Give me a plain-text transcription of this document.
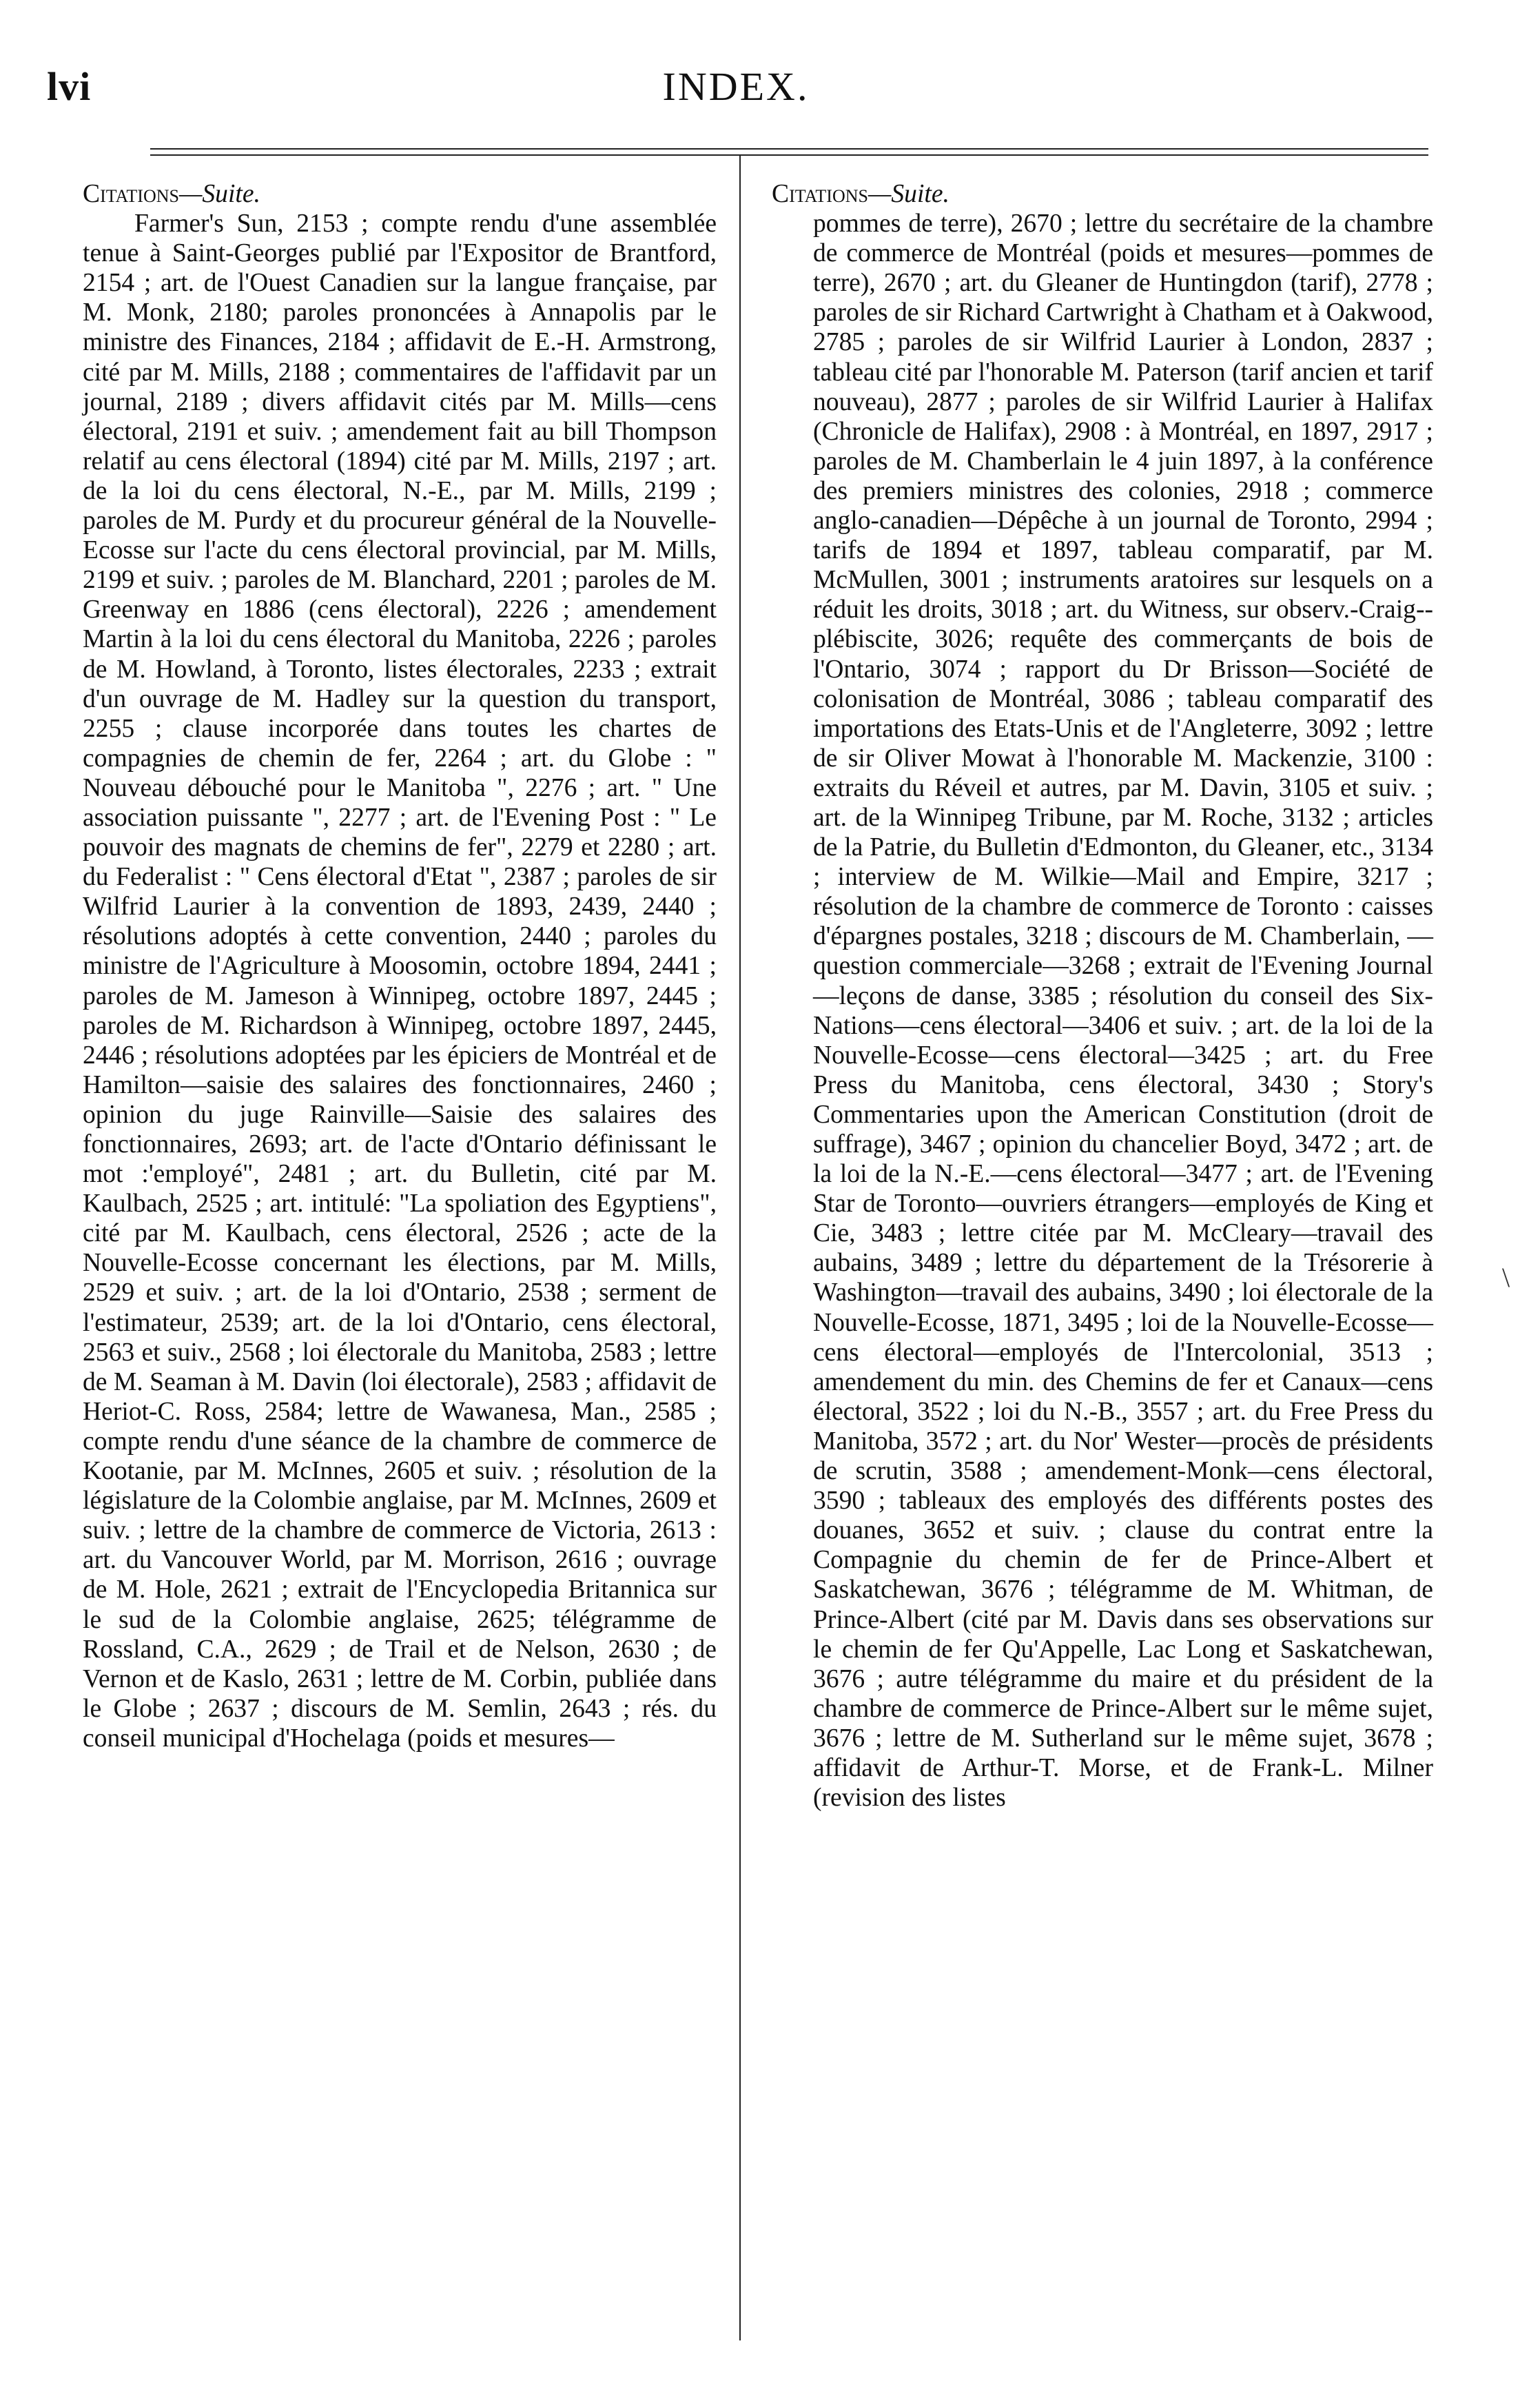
lvi	INDEX.
Citations—Suite.
Farmer's Sun, 2153 ; compte rendu d'une assemblée tenue à Saint-Georges publié par l'Expositor de Brantford, 2154 ; art. de l'Ouest Canadien sur la langue française, par M. Monk, 2180; paroles prononcées à Annapolis par le ministre des Finances, 2184 ; affidavit de E.-H. Armstrong, cité par M. Mills, 2188 ; commentaires de l'affidavit par un journal, 2189 ; divers affidavit cités par M. Mills—cens électoral, 2191 et suiv. ; amendement fait au bill Thompson relatif au cens électoral (1894) cité par M. Mills, 2197 ; art. de la loi du cens électoral, N.-E., par M. Mills, 2199 ; paroles de M. Purdy et du procureur général de la Nouvelle-Ecosse sur l'acte du cens électoral provincial, par M. Mills, 2199 et suiv. ; paroles de M. Blanchard, 2201 ; paroles de M. Greenway en 1886 (cens électoral), 2226 ; amendement Martin à la loi du cens électoral du Manitoba, 2226 ; paroles de M. Howland, à Toronto, listes électorales, 2233 ; extrait d'un ouvrage de M. Hadley sur la question du transport, 2255 ; clause incorporée dans toutes les chartes de compagnies de chemin de fer, 2264 ; art. du Globe : " Nouveau débouché pour le Manitoba ", 2276 ; art. " Une association puissante ", 2277 ; art. de l'Evening Post : " Le pouvoir des magnats de chemins de fer", 2279 et 2280 ; art. du Federalist : " Cens électoral d'Etat ", 2387 ; paroles de sir Wilfrid Laurier à la convention de 1893, 2439, 2440 ; résolutions adoptés à cette convention, 2440 ; paroles du ministre de l'Agriculture à Moosomin, octobre 1894, 2441 ; paroles de M. Jameson à Winnipeg, octobre 1897, 2445 ; paroles de M. Richardson à Winnipeg, octobre 1897, 2445, 2446 ; résolutions adoptées par les épiciers de Montréal et de Hamilton—saisie des salaires des fonctionnaires, 2460 ; opinion du juge Rainville—Saisie des salaires des fonctionnaires, 2693; art. de l'acte d'Ontario définissant le mot :'employé", 2481 ; art. du Bulletin, cité par M. Kaulbach, 2525 ; art. intitulé: "La spoliation des Egyptiens", cité par M. Kaulbach, cens électoral, 2526 ; acte de la Nouvelle-Ecosse concernant les élections, par M. Mills, 2529 et suiv. ; art. de la loi d'Ontario, 2538 ; serment de l'estimateur, 2539; art. de la loi d'Ontario, cens électoral, 2563 et suiv., 2568 ; loi électorale du Manitoba, 2583 ; lettre de M. Seaman à M. Davin (loi électorale), 2583 ; affidavit de Heriot-C. Ross, 2584; lettre de Wawanesa, Man., 2585 ; compte rendu d'une séance de la chambre de commerce de Kootanie, par M. McInnes, 2605 et suiv. ; résolution de la législature de la Colombie anglaise, par M. McInnes, 2609 et suiv. ; lettre de la chambre de commerce de Victoria, 2613 : art. du Vancouver World, par M. Morrison, 2616 ; ouvrage de M. Hole, 2621 ; extrait de l'Encyclopedia Britannica sur le sud de la Colombie anglaise, 2625; télégramme de Rossland, C.A., 2629 ; de Trail et de Nelson, 2630 ; de Vernon et de Kaslo, 2631 ; lettre de M. Corbin, publiée dans le Globe ; 2637 ; discours de M. Semlin, 2643 ; rés. du conseil municipal d'Hochelaga (poids et mesures—
Citations—Suite.
pommes de terre), 2670 ; lettre du secrétaire de la chambre de commerce de Montréal (poids et mesures—pommes de terre), 2670 ; art. du Gleaner de Huntingdon (tarif), 2778 ; paroles de sir Richard Cartwright à Chatham et à Oakwood, 2785 ; paroles de sir Wilfrid Laurier à London, 2837 ; tableau cité par l'honorable M. Paterson (tarif ancien et tarif nouveau), 2877 ; paroles de sir Wilfrid Laurier à Halifax (Chronicle de Halifax), 2908 : à Montréal, en 1897, 2917 ; paroles de M. Chamberlain le 4 juin 1897, à la conférence des premiers ministres des colonies, 2918 ; commerce anglo-canadien—Dépêche à un journal de Toronto, 2994 ; tarifs de 1894 et 1897, tableau comparatif, par M. McMullen, 3001 ; instruments aratoires sur lesquels on a réduit les droits, 3018 ; art. du Witness, sur observ.-Craig--plébiscite, 3026; requête des commerçants de bois de l'Ontario, 3074 ; rapport du Dr Brisson—Société de colonisation de Montréal, 3086 ; tableau comparatif des importations des Etats-Unis et de l'Angleterre, 3092 ; lettre de sir Oliver Mowat à l'honorable M. Mackenzie, 3100 : extraits du Réveil et autres, par M. Davin, 3105 et suiv. ; art. de la Winnipeg Tribune, par M. Roche, 3132 ; articles de la Patrie, du Bulletin d'Edmonton, du Gleaner, etc., 3134 ; interview de M. Wilkie—Mail and Empire, 3217 ; résolution de la chambre de commerce de Toronto : caisses d'épargnes postales, 3218 ; discours de M. Chamberlain, —question commerciale—3268 ; extrait de l'Evening Journal—leçons de danse, 3385 ; résolution du conseil des Six-Nations—cens électoral—3406 et suiv. ; art. de la loi de la Nouvelle-Ecosse—cens électoral—3425 ; art. du Free Press du Manitoba, cens électoral, 3430 ; Story's Commentaries upon the American Constitution (droit de suffrage), 3467 ; opinion du chancelier Boyd, 3472 ; art. de la loi de la N.-E.—cens électoral—3477 ; art. de l'Evening Star de Toronto—ouvriers étrangers—employés de King et Cie, 3483 ; lettre citée par M. McCleary—travail des aubains, 3489 ; lettre du département de la Trésorerie à Washington—travail des aubains, 3490 ; loi électorale de la Nouvelle-Ecosse, 1871, 3495 ; loi de la Nouvelle-Ecosse—cens électoral—employés de l'Intercolonial, 3513 ; amendement du min. des Chemins de fer et Canaux—cens électoral, 3522 ; loi du N.-B., 3557 ; art. du Free Press du Manitoba, 3572 ; art. du Nor' Wester—procès de présidents de scrutin, 3588 ; amendement-Monk—cens électoral, 3590 ; tableaux des employés des différents postes des douanes, 3652 et suiv. ; clause du contrat entre la Compagnie du chemin de fer de Prince-Albert et Saskatchewan, 3676 ; télégramme de M. Whitman, de Prince-Albert (cité par M. Davis dans ses observations sur le chemin de fer Qu'Appelle, Lac Long et Saskatchewan, 3676 ; autre télégramme du maire et du président de la chambre de commerce de Prince-Albert sur le même sujet, 3676 ; lettre de M. Sutherland sur le même sujet, 3678 ; affidavit de Arthur-T. Morse, et de Frank-L. Milner (revision des listes
\
